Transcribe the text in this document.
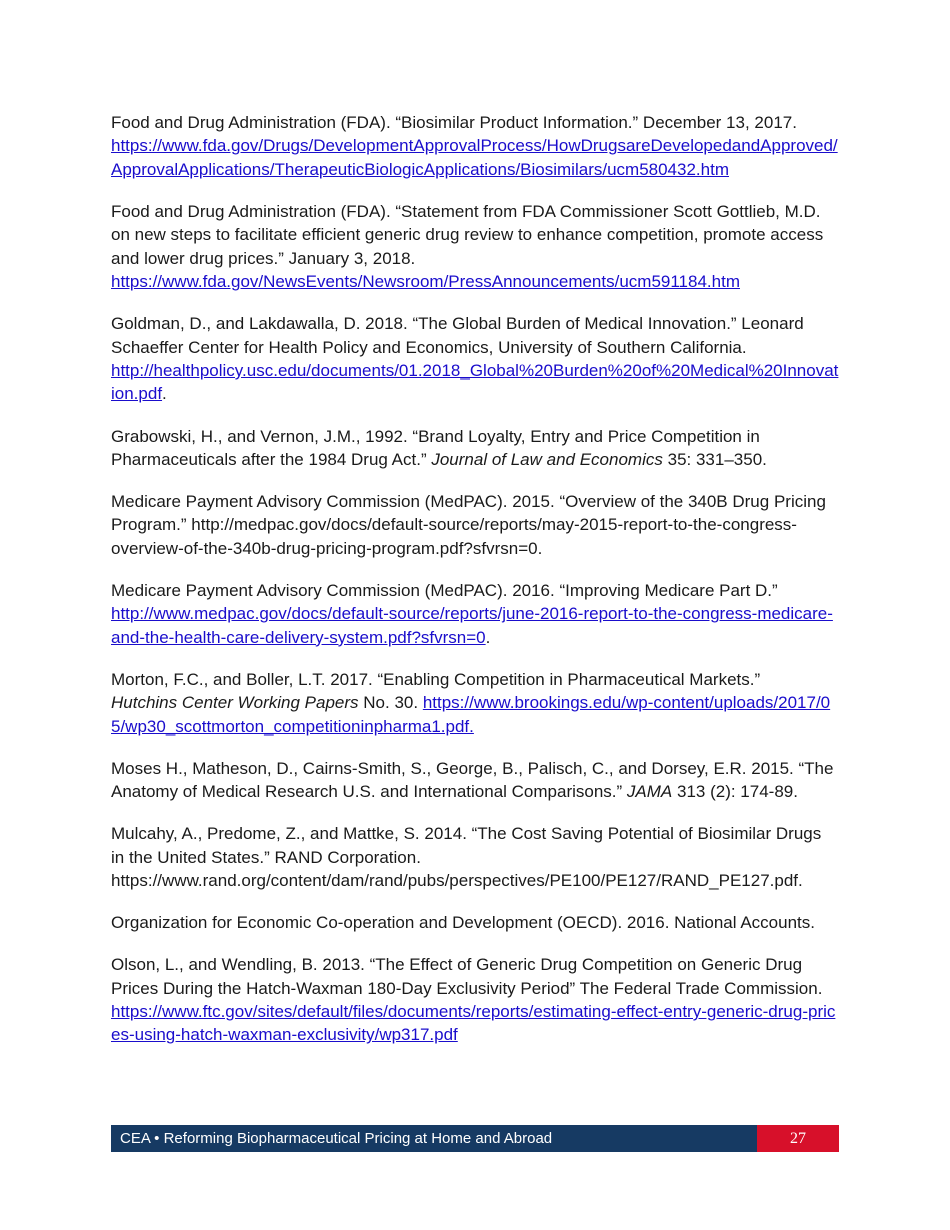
Food and Drug Administration (FDA). “Biosimilar Product Information.” December 13, 2017.
https://www.fda.gov/Drugs/DevelopmentApprovalProcess/HowDrugsareDevelopedandApproved/ApprovalApplications/TherapeuticBiologicApplications/Biosimilars/ucm580432.htm

Food and Drug Administration (FDA). “Statement from FDA Commissioner Scott Gottlieb, M.D. on new steps to facilitate efficient generic drug review to enhance competition, promote access and lower drug prices.” January 3, 2018.
https://www.fda.gov/NewsEvents/Newsroom/PressAnnouncements/ucm591184.htm

Goldman, D., and Lakdawalla, D. 2018. “The Global Burden of Medical Innovation.” Leonard Schaeffer Center for Health Policy and Economics, University of Southern California.
http://healthpolicy.usc.edu/documents/01.2018_Global%20Burden%20of%20Medical%20Innovation.pdf.

Grabowski, H., and Vernon, J.M., 1992. “Brand Loyalty, Entry and Price Competition in Pharmaceuticals after the 1984 Drug Act.” Journal of Law and Economics 35: 331–350.

Medicare Payment Advisory Commission (MedPAC). 2015. “Overview of the 340B Drug Pricing Program.” http://medpac.gov/docs/default-source/reports/may-2015-report-to-the-congress-overview-of-the-340b-drug-pricing-program.pdf?sfvrsn=0.

Medicare Payment Advisory Commission (MedPAC). 2016. “Improving Medicare Part D.”
http://www.medpac.gov/docs/default-source/reports/june-2016-report-to-the-congress-medicare-and-the-health-care-delivery-system.pdf?sfvrsn=0.

Morton, F.C., and Boller, L.T. 2017. “Enabling Competition in Pharmaceutical Markets.”
Hutchins Center Working Papers No. 30. https://www.brookings.edu/wp-content/uploads/2017/05/wp30_scottmorton_competitioninpharma1.pdf.

Moses H., Matheson, D., Cairns-Smith, S., George, B., Palisch, C., and Dorsey, E.R. 2015. “The Anatomy of Medical Research U.S. and International Comparisons.” JAMA 313 (2): 174-89.

Mulcahy, A., Predome, Z., and Mattke, S. 2014. “The Cost Saving Potential of Biosimilar Drugs in the United States.” RAND Corporation.
https://www.rand.org/content/dam/rand/pubs/perspectives/PE100/PE127/RAND_PE127.pdf.

Organization for Economic Co-operation and Development (OECD). 2016. National Accounts.

Olson, L., and Wendling, B. 2013. “The Effect of Generic Drug Competition on Generic Drug Prices During the Hatch-Waxman 180-Day Exclusivity Period” The Federal Trade Commission.
https://www.ftc.gov/sites/default/files/documents/reports/estimating-effect-entry-generic-drug-prices-using-hatch-waxman-exclusivity/wp317.pdf

CEA • Reforming Biopharmaceutical Pricing at Home and Abroad	27
